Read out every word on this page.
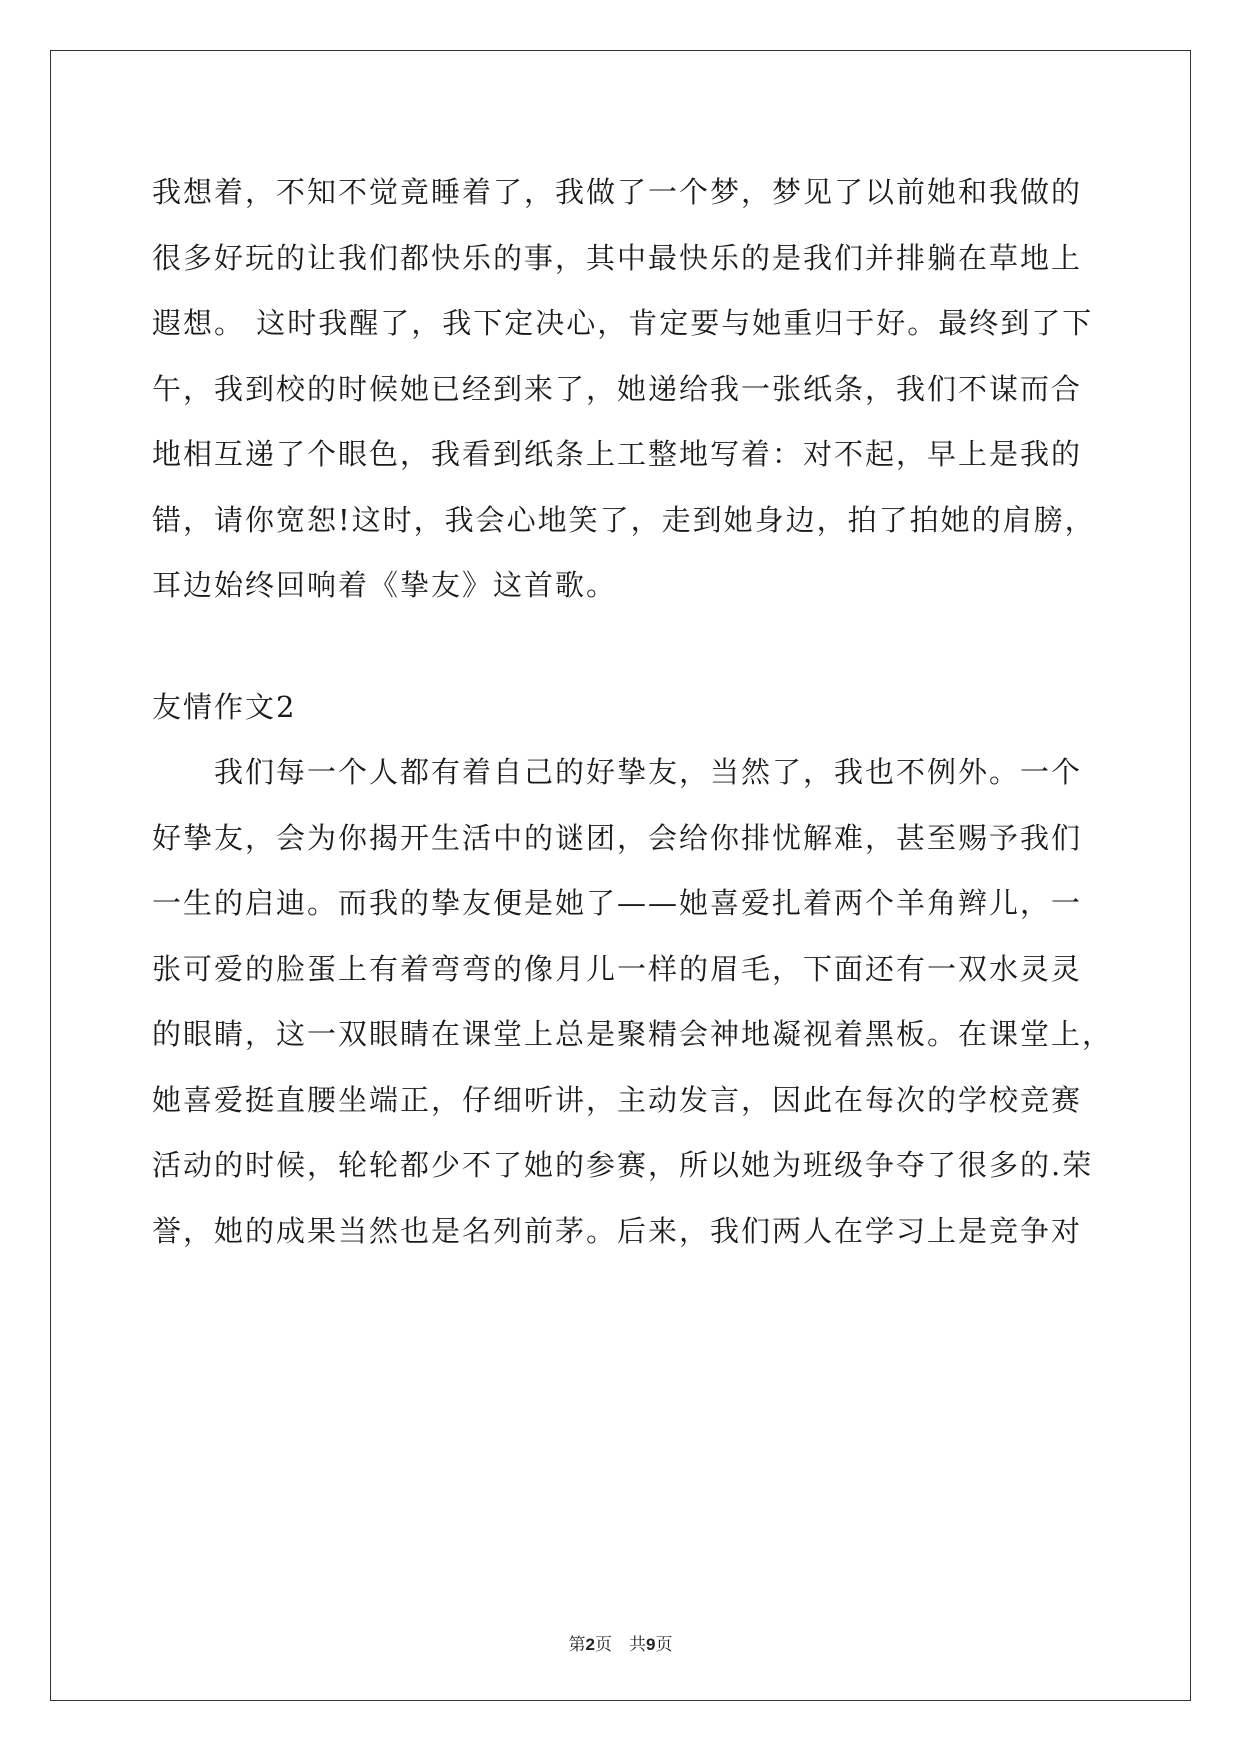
我想着，不知不觉竟睡着了，我做了一个梦，梦见了以前她和我做的
很多好玩的让我们都快乐的事，其中最快乐的是我们并排躺在草地上
遐想。 这时我醒了，我下定决心，肯定要与她重归于好。最终到了下
午，我到校的时候她已经到来了，她递给我一张纸条，我们不谋而合
地相互递了个眼色，我看到纸条上工整地写着：对不起，早上是我的
错，请你宽恕!这时，我会心地笑了，走到她身边，拍了拍她的肩膀，
耳边始终回响着《挚友》这首歌。
友情作文2
我们每一个人都有着自己的好挚友，当然了，我也不例外。一个
好挚友，会为你揭开生活中的谜团，会给你排忧解难，甚至赐予我们
一生的启迪。而我的挚友便是她了——她喜爱扎着两个羊角辫儿，一
张可爱的脸蛋上有着弯弯的像月儿一样的眉毛，下面还有一双水灵灵
的眼睛，这一双眼睛在课堂上总是聚精会神地凝视着黑板。在课堂上，
她喜爱挺直腰坐端正，仔细听讲，主动发言，因此在每次的学校竞赛
活动的时候，轮轮都少不了她的参赛，所以她为班级争夺了很多的.荣
誉，她的成果当然也是名列前茅。后来，我们两人在学习上是竞争对
第2页　共9页
